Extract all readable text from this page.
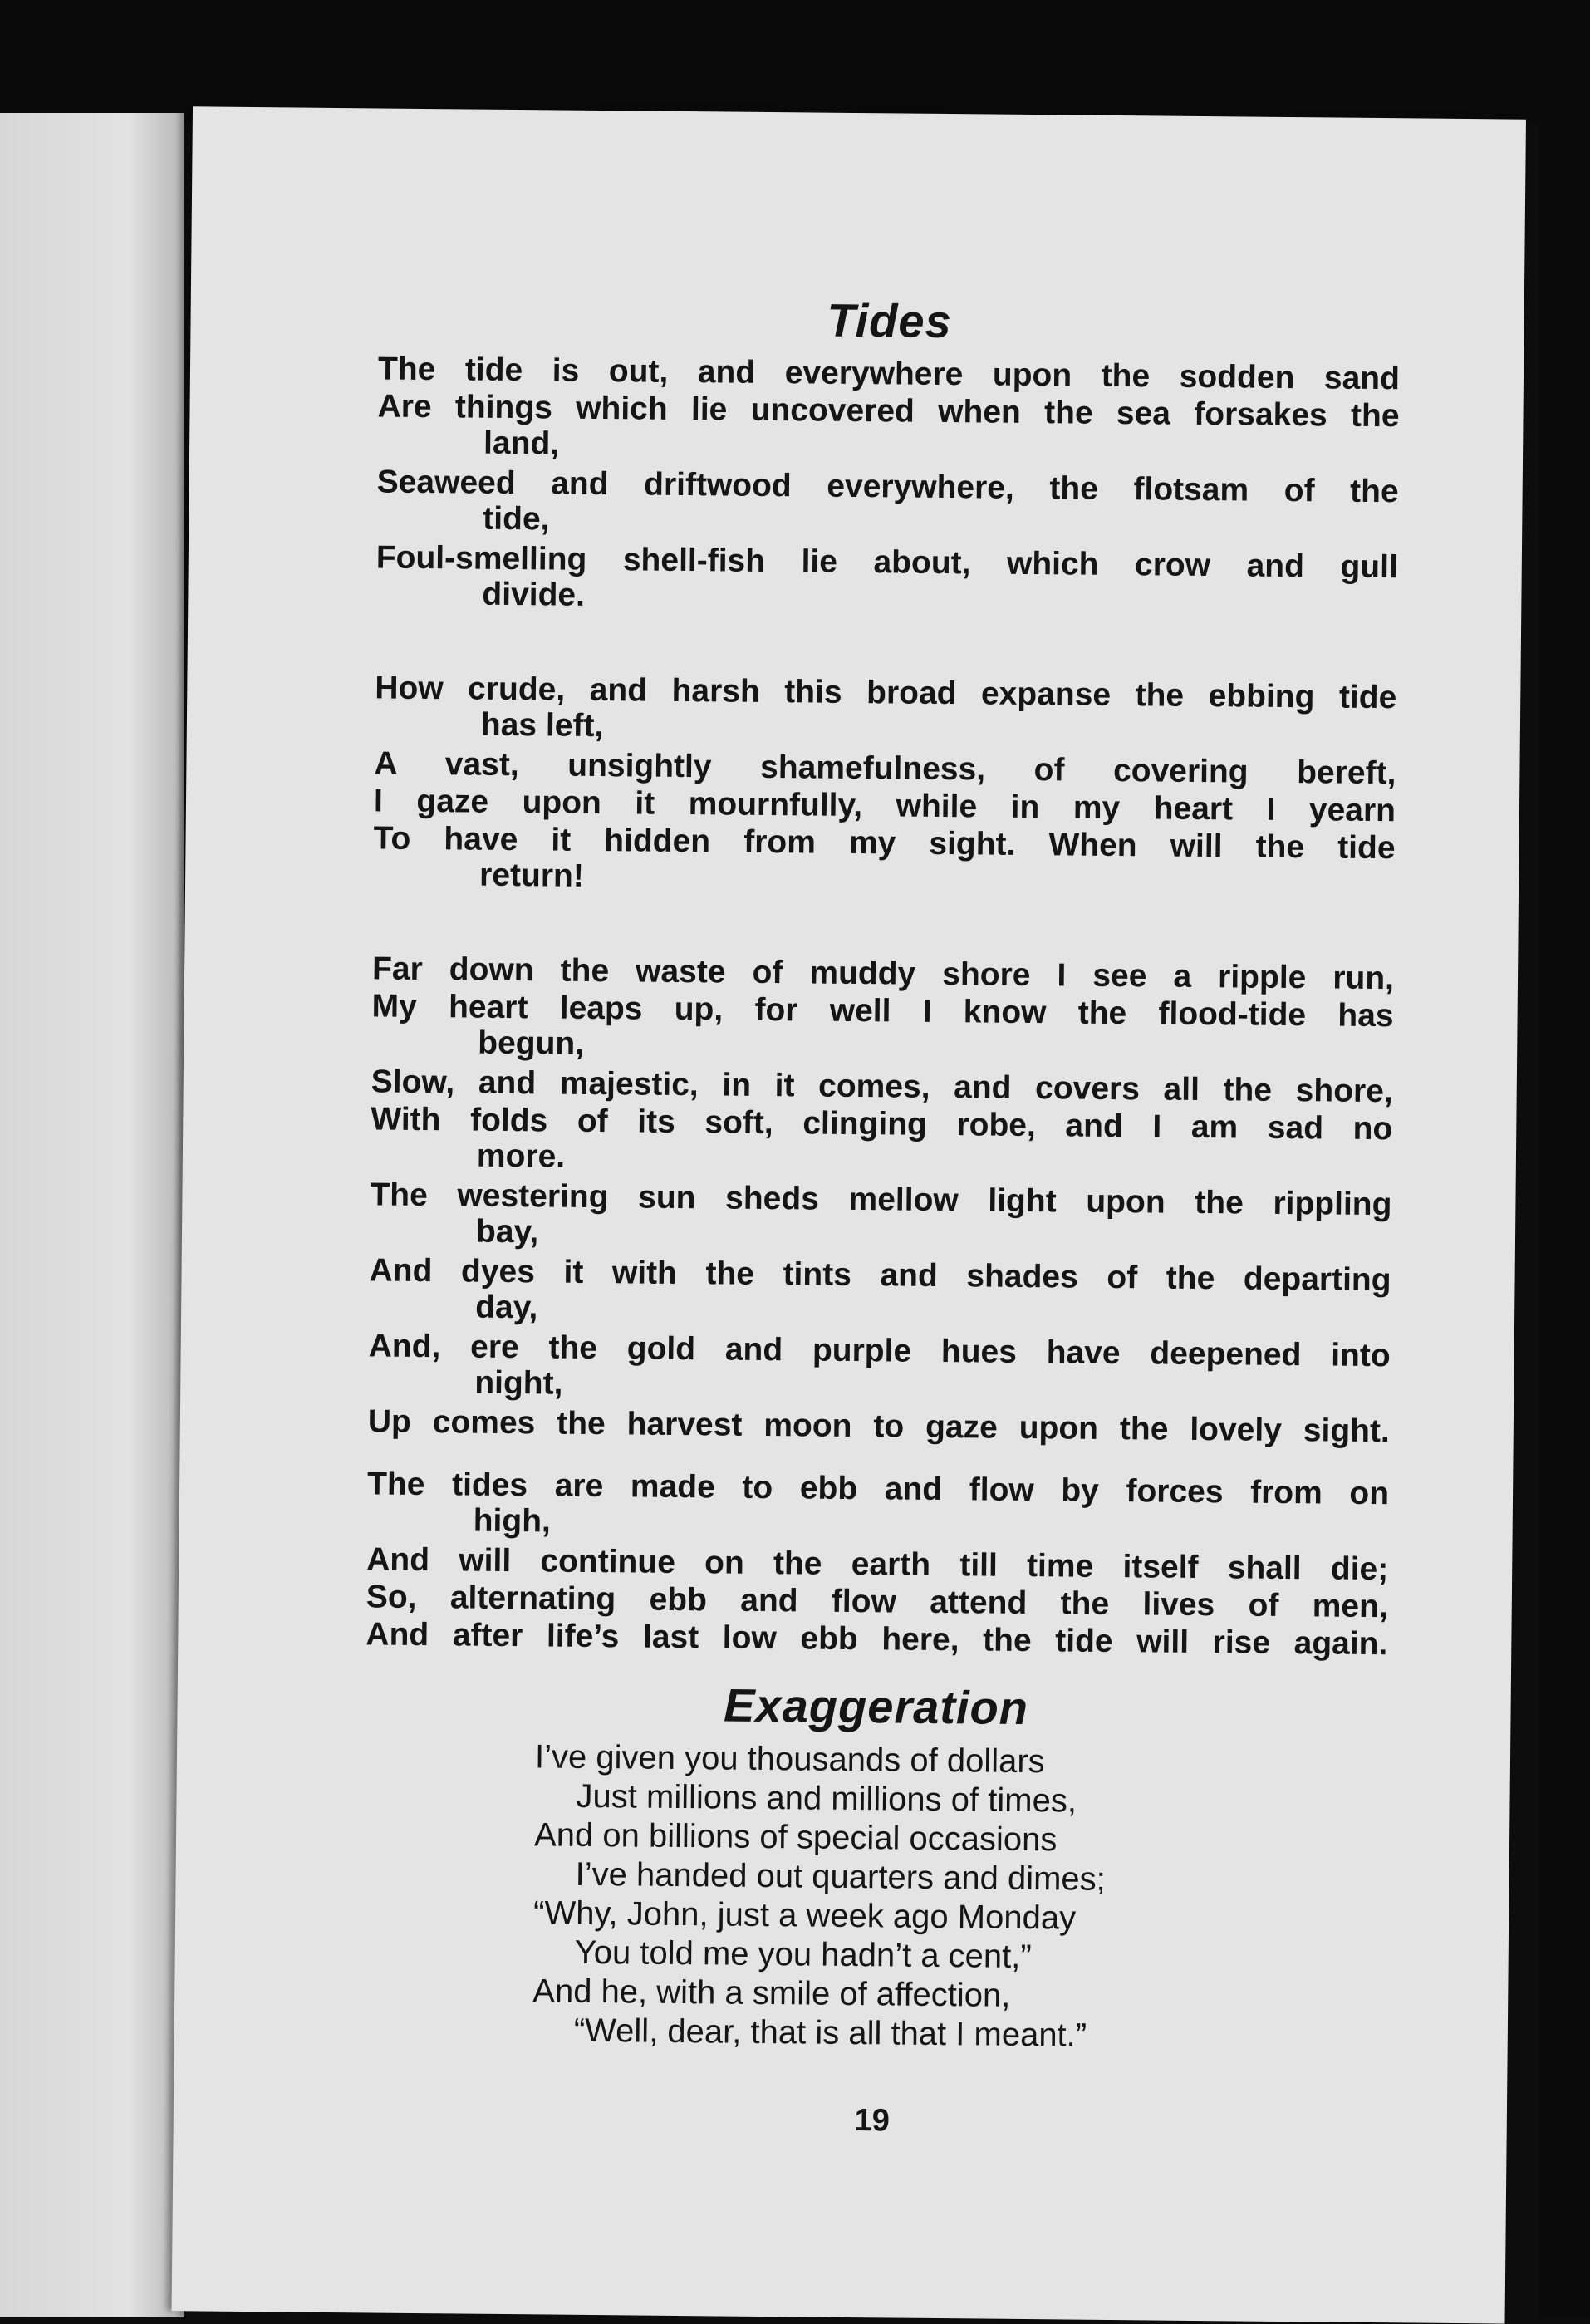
Tides

The tide is out, and everywhere upon the sodden sand

Are things which lie uncovered when the sea forsakes the

land,

Seaweed and driftwood everywhere, the flotsam of the

tide,

Foul-smelling shell-fish lie about, which crow and gull

divide.

How crude, and harsh this broad expanse the ebbing tide

has left,

A vast, unsightly shamefulness, of covering bereft,

I gaze upon it mournfully, while in my heart I yearn

To have it hidden from my sight. When will the tide

return!

Far down the waste of muddy shore I see a ripple run,

My heart leaps up, for well I know the flood-tide has

begun,

Slow, and majestic, in it comes, and covers all the shore,

With folds of its soft, clinging robe, and I am sad no

more.

The westering sun sheds mellow light upon the rippling

bay,

And dyes it with the tints and shades of the departing

day,

And, ere the gold and purple hues have deepened into

night,

Up comes the harvest moon to gaze upon the lovely sight.

The tides are made to ebb and flow by forces from on

high,

And will continue on the earth till time itself shall die;

So, alternating ebb and flow attend the lives of men,

And after life’s last low ebb here, the tide will rise again.

Exaggeration

I’ve given you thousands of dollars

Just millions and millions of times,

And on billions of special occasions

I’ve handed out quarters and dimes;

“Why, John, just a week ago Monday

You told me you hadn’t a cent,”

And he, with a smile of affection,

“Well, dear, that is all that I meant.”

19
